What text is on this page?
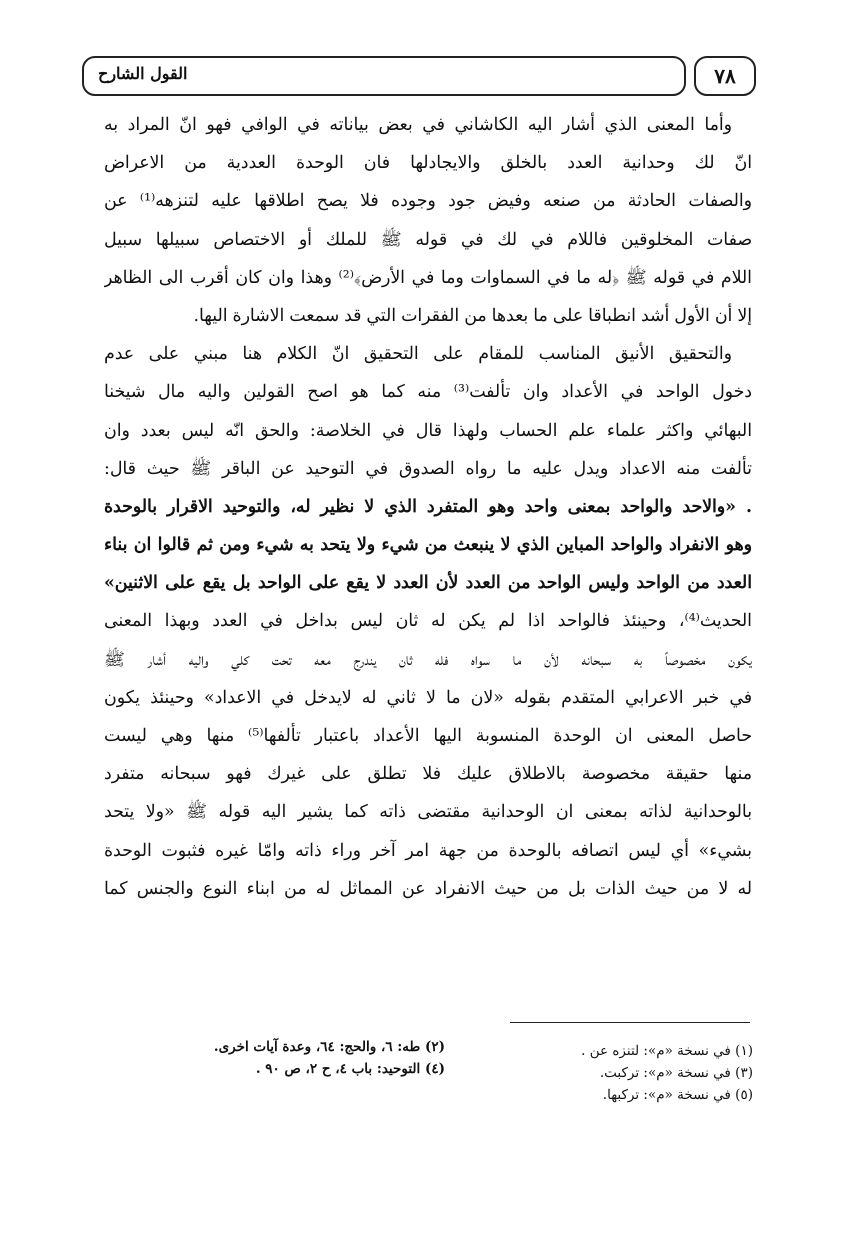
القول الشارح	٧٨
وأما المعنى الذي أشار اليه الكاشاني في بعض بياناته في الوافي فهو انّ المراد به
انّ لك وحدانية العدد بالخلق والايجادلها فان الوحدة العددية من الاعراض
والصفات الحادثة من صنعه وفيض جود وجوده فلا يصح اطلاقها عليه لتنزهه⁽¹⁾ عن
صفات المخلوقين فاللام في لك في قوله ﷺ للملك أو الاختصاص سبيلها سبيل
اللام في قوله ﷺ ﴿له ما في السماوات وما في الأرض﴾⁽²⁾ وهذا وان كان أقرب الى الظاهر
إلا أن الأول أشد انطباقا على ما بعدها من الفقرات التي قد سمعت الاشارة اليها.
والتحقيق الأنيق المناسب للمقام على التحقيق انّ الكلام هنا مبني على عدم
دخول الواحد في الأعداد وان تألفت⁽³⁾ منه كما هو اصح القولين واليه مال شيخنا
البهائي واكثر علماء علم الحساب ولهذا قال في الخلاصة: والحق انّه ليس بعدد وان
تألفت منه الاعداد ويدل عليه ما رواه الصدوق في التوحيد عن الباقر ﷺ حيث قال:
. «والاحد والواحد بمعنى واحد وهو المتفرد الذي لا نظير له، والتوحيد الاقرار بالوحدة
وهو الانفراد والواحد المباين الذي لا ينبعث من شيء ولا يتحد به شيء ومن ثم قالوا ان بناء
العدد من الواحد وليس الواحد من العدد لأن العدد لا يقع على الواحد بل يقع على الاثنين»
الحديث⁽⁴⁾، وحينئذ فالواحد اذا لم يكن له ثان ليس بداخل في العدد وبهذا المعنى
يكون مخصوصاً به سبحانه لأن ما سواه فله ثان يندرج معه تحت كلي واليه أشار ﷺ
في خبر الاعرابي المتقدم بقوله «لان ما لا ثاني له لايدخل في الاعداد» وحينئذ يكون
حاصل المعنى ان الوحدة المنسوبة اليها الأعداد باعتبار تألفها⁽⁵⁾ منها وهي ليست
منها حقيقة مخصوصة بالاطلاق عليك فلا تطلق على غيرك فهو سبحانه متفرد
بالوحدانية لذاته بمعنى ان الوحدانية مقتضى ذاته كما يشير اليه قوله ﷺ «ولا يتحد
بشيء» أي ليس اتصافه بالوحدة من جهة امر آخر وراء ذاته وامّا غيره فثبوت الوحدة
له لا من حيث الذات بل من حيث الانفراد عن المماثل له من ابناء النوع والجنس كما
(١) في نسخة «م»: لتنزه عن .
(٣) في نسخة «م»: تركبت.
(٥) في نسخة «م»: تركبها.
(٢) طه: ٦، والحج: ٦٤، وعدة آيات اخرى.
(٤) التوحيد: باب ٤، ح ٢، ص ٩٠ .
